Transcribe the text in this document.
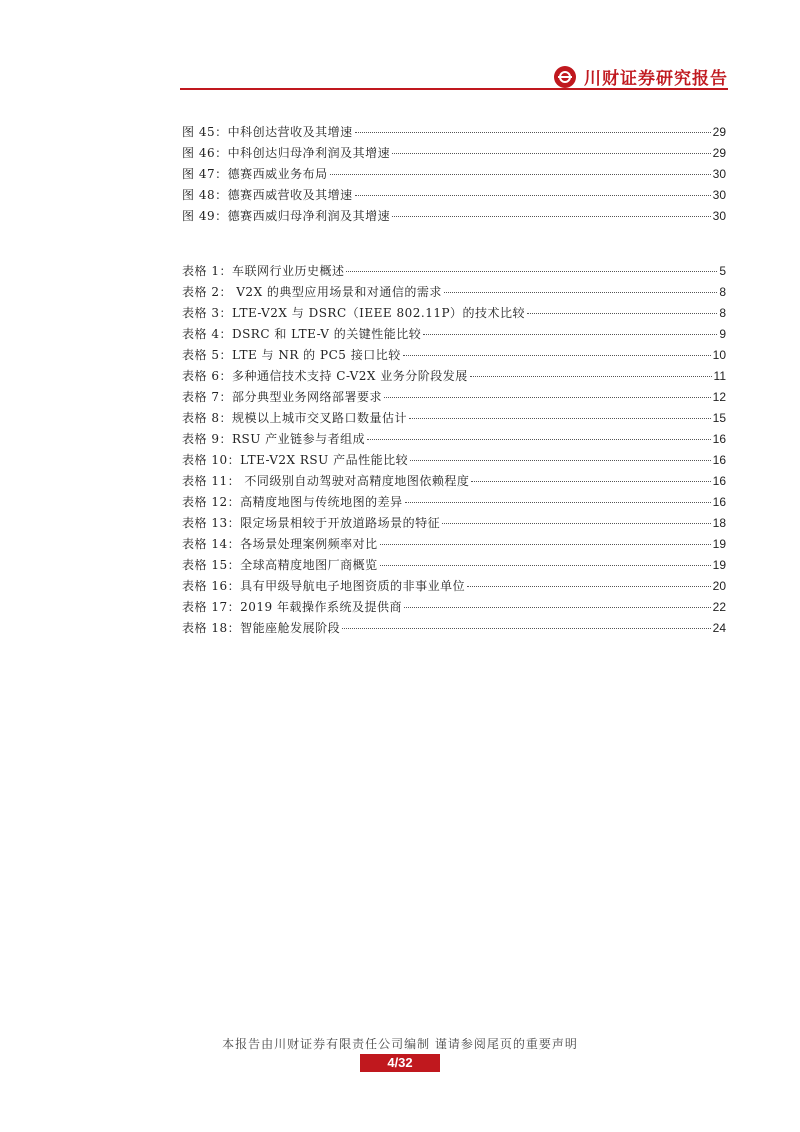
川财证券研究报告
图 45：中科创达营收及其增速	29
图 46：中科创达归母净利润及其增速	29
图 47：德赛西威业务布局	30
图 48：德赛西威营收及其增速	30
图 49：德赛西威归母净利润及其增速	30
表格 1：车联网行业历史概述	5
表格 2： V2X 的典型应用场景和对通信的需求	8
表格 3：LTE-V2X 与 DSRC（IEEE 802.11P）的技术比较	8
表格 4：DSRC 和 LTE-V 的关键性能比较	9
表格 5：LTE 与 NR 的 PC5 接口比较	10
表格 6：多种通信技术支持 C-V2X 业务分阶段发展	11
表格 7：部分典型业务网络部署要求	12
表格 8：规模以上城市交叉路口数量估计	15
表格 9：RSU 产业链参与者组成	16
表格 10：LTE-V2X RSU 产品性能比较	16
表格 11： 不同级别自动驾驶对高精度地图依赖程度	16
表格 12：高精度地图与传统地图的差异	16
表格 13：限定场景相较于开放道路场景的特征	18
表格 14：各场景处理案例频率对比	19
表格 15：全球高精度地图厂商概览	19
表格 16：具有甲级导航电子地图资质的非事业单位	20
表格 17：2019 年载操作系统及提供商	22
表格 18：智能座舱发展阶段	24
本报告由川财证券有限责任公司编制 谨请参阅尾页的重要声明
4/32
